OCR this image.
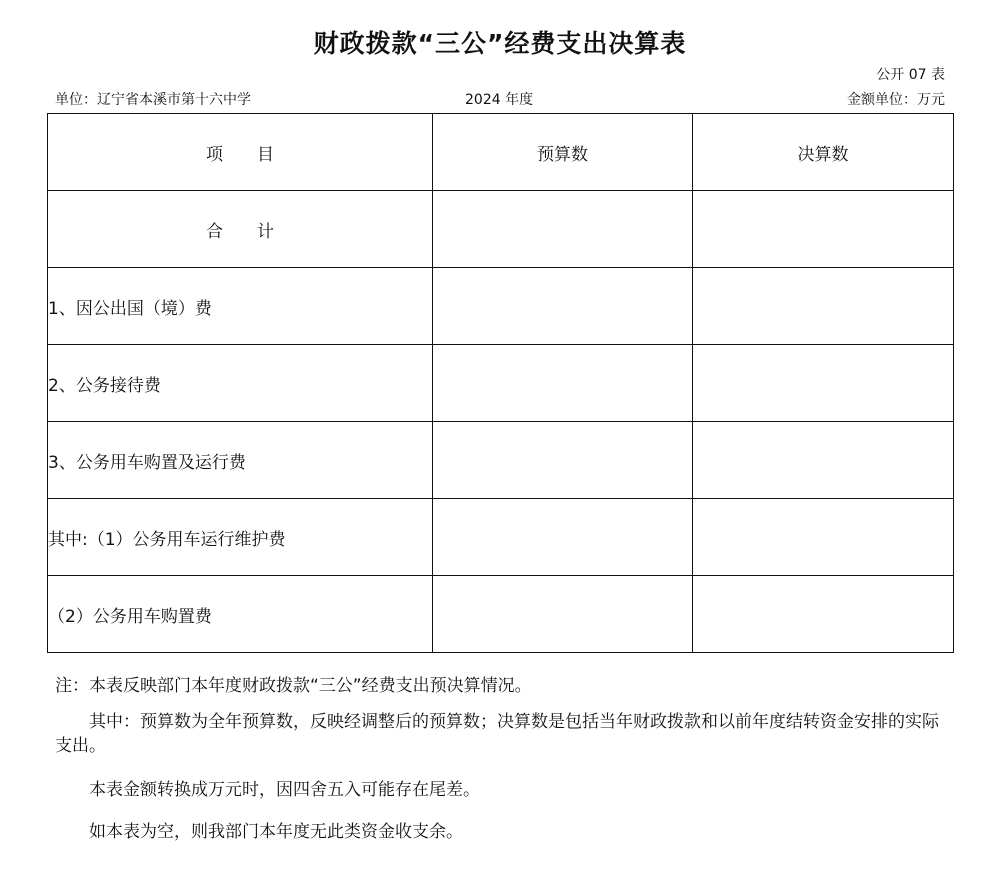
财政拨款“三公”经费支出决算表
公开 07 表
单位：辽宁省本溪市第十六中学	2024 年度	金额单位：万元
项　　目	预算数	决算数
合　　计		
1、因公出国（境）费		
2、公务接待费		
3、公务用车购置及运行费		
其中:（1）公务用车运行维护费		
（2）公务用车购置费		

注：本表反映部门本年度财政拨款“三公”经费支出预决算情况。

其中：预算数为全年预算数，反映经调整后的预算数；决算数是包括当年财政拨款和以前年度结转资金安排的实际支出。

本表金额转换成万元时，因四舍五入可能存在尾差。

如本表为空，则我部门本年度无此类资金收支余。
